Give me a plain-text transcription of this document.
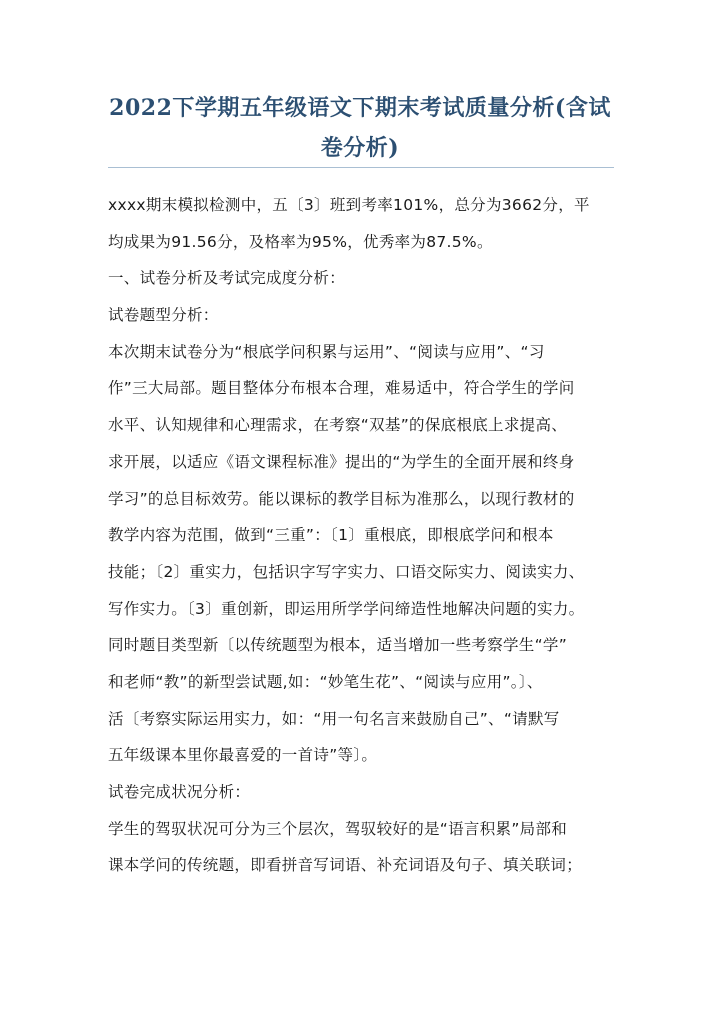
2022下学期五年级语文下期末考试质量分析(含试
卷分析)
xxxx期末模拟检测中，五〔3〕班到考率101%，总分为3662分，平
均成果为91.56分，及格率为95%，优秀率为87.5%。
一、试卷分析及考试完成度分析：
试卷题型分析：
本次期末试卷分为“根底学问积累与运用”、“阅读与应用”、“习
作”三大局部。题目整体分布根本合理，难易适中，符合学生的学问
水平、认知规律和心理需求，在考察“双基”的保底根底上求提高、
求开展，以适应《语文课程标准》提出的“为学生的全面开展和终身
学习”的总目标效劳。能以课标的教学目标为准那么，以现行教材的
教学内容为范围，做到“三重”：〔1〕重根底，即根底学问和根本
技能；〔2〕重实力，包括识字写字实力、口语交际实力、阅读实力、
写作实力。〔3〕重创新，即运用所学学问缔造性地解决问题的实力。
同时题目类型新〔以传统题型为根本，适当增加一些考察学生“学”
和老师“教”的新型尝试题,如：“妙笔生花”、“阅读与应用”。〕、
活〔考察实际运用实力，如：“用一句名言来鼓励自己”、“请默写
五年级课本里你最喜爱的一首诗”等〕。
试卷完成状况分析：
学生的驾驭状况可分为三个层次，驾驭较好的是“语言积累”局部和
课本学问的传统题，即看拼音写词语、补充词语及句子、填关联词；
